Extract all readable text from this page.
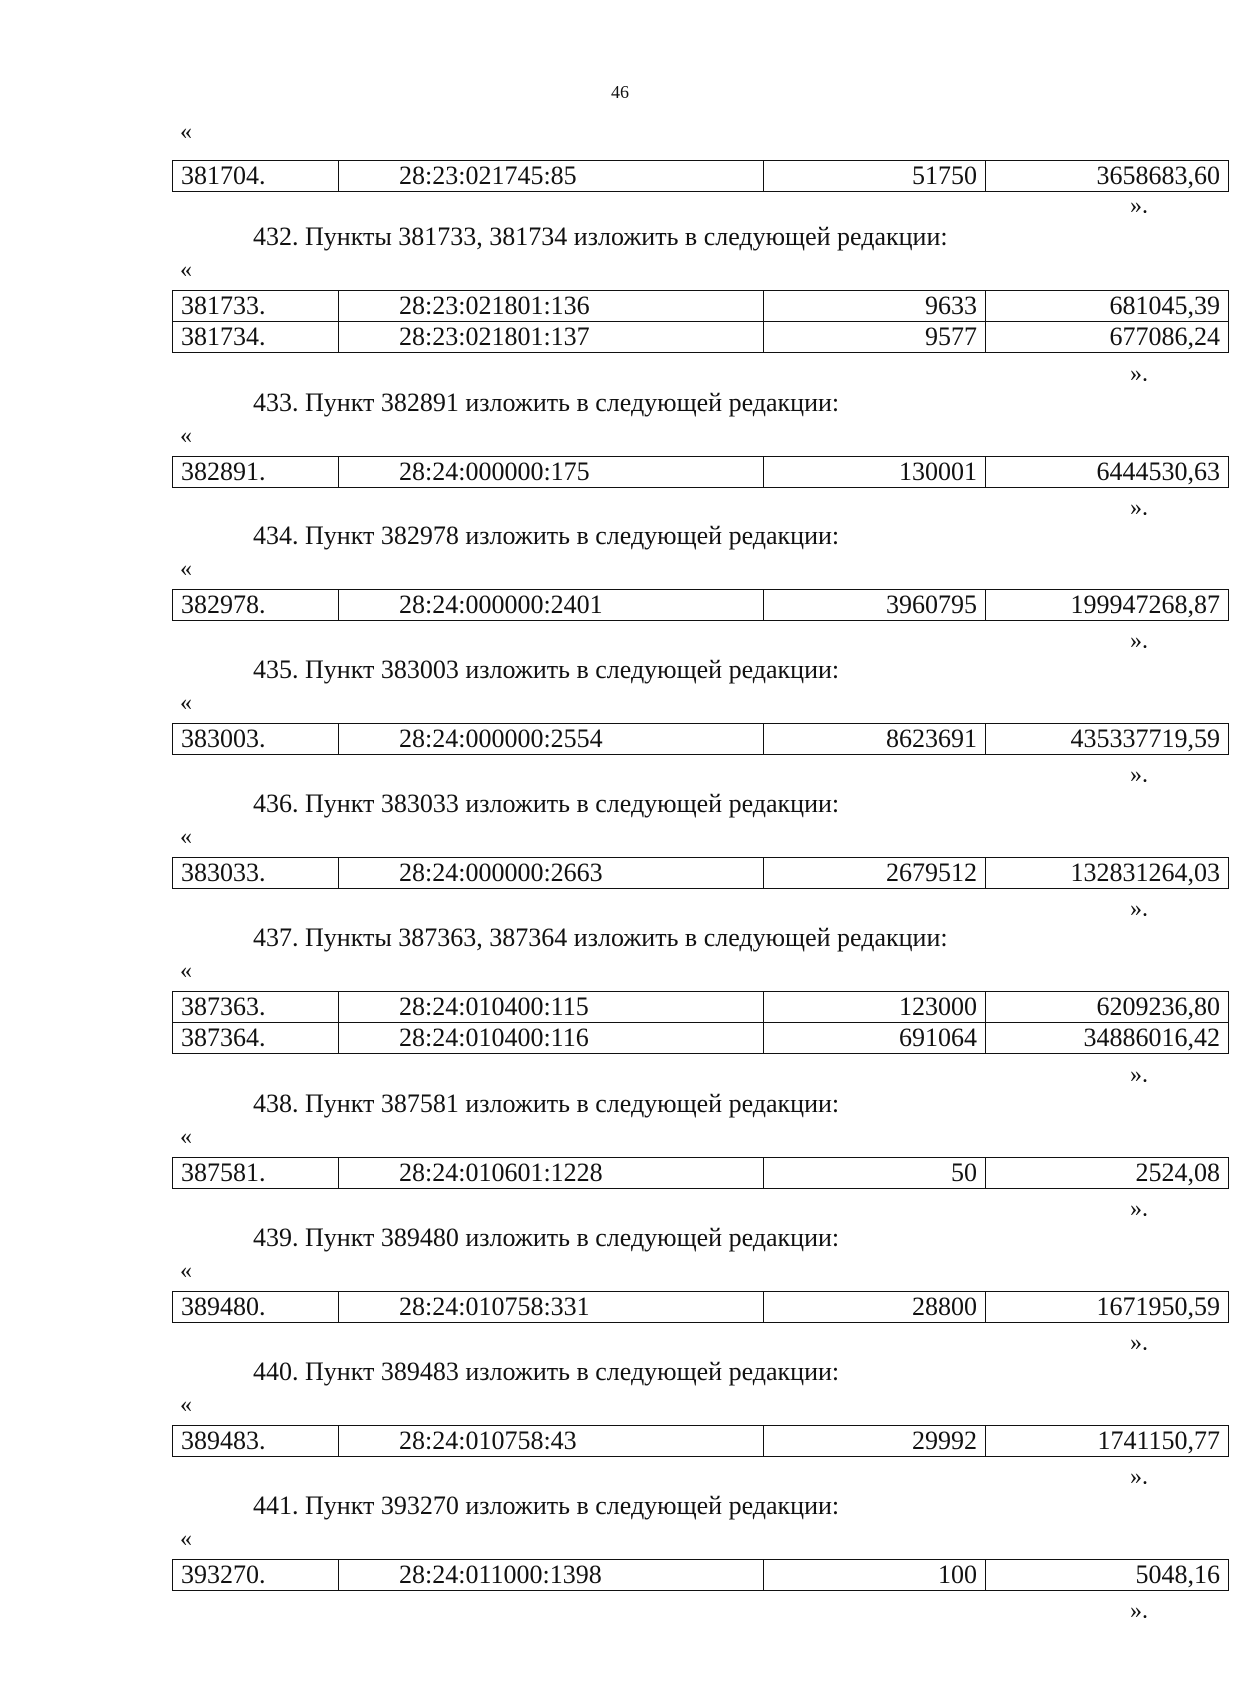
46
«
381704.	28:23:021745:85	51750	3658683,60
».
432. Пункты 381733, 381734 изложить в следующей редакции:
«
381733.	28:23:021801:136	9633	681045,39
381734.	28:23:021801:137	9577	677086,24
».
433. Пункт 382891 изложить в следующей редакции:
«
382891.	28:24:000000:175	130001	6444530,63
».
434. Пункт 382978 изложить в следующей редакции:
«
382978.	28:24:000000:2401	3960795	199947268,87
».
435. Пункт 383003 изложить в следующей редакции:
«
383003.	28:24:000000:2554	8623691	435337719,59
».
436. Пункт 383033 изложить в следующей редакции:
«
383033.	28:24:000000:2663	2679512	132831264,03
».
437. Пункты 387363, 387364 изложить в следующей редакции:
«
387363.	28:24:010400:115	123000	6209236,80
387364.	28:24:010400:116	691064	34886016,42
».
438. Пункт 387581 изложить в следующей редакции:
«
387581.	28:24:010601:1228	50	2524,08
».
439. Пункт 389480 изложить в следующей редакции:
«
389480.	28:24:010758:331	28800	1671950,59
».
440. Пункт 389483 изложить в следующей редакции:
«
389483.	28:24:010758:43	29992	1741150,77
».
441. Пункт 393270 изложить в следующей редакции:
«
393270.	28:24:011000:1398	100	5048,16
».
